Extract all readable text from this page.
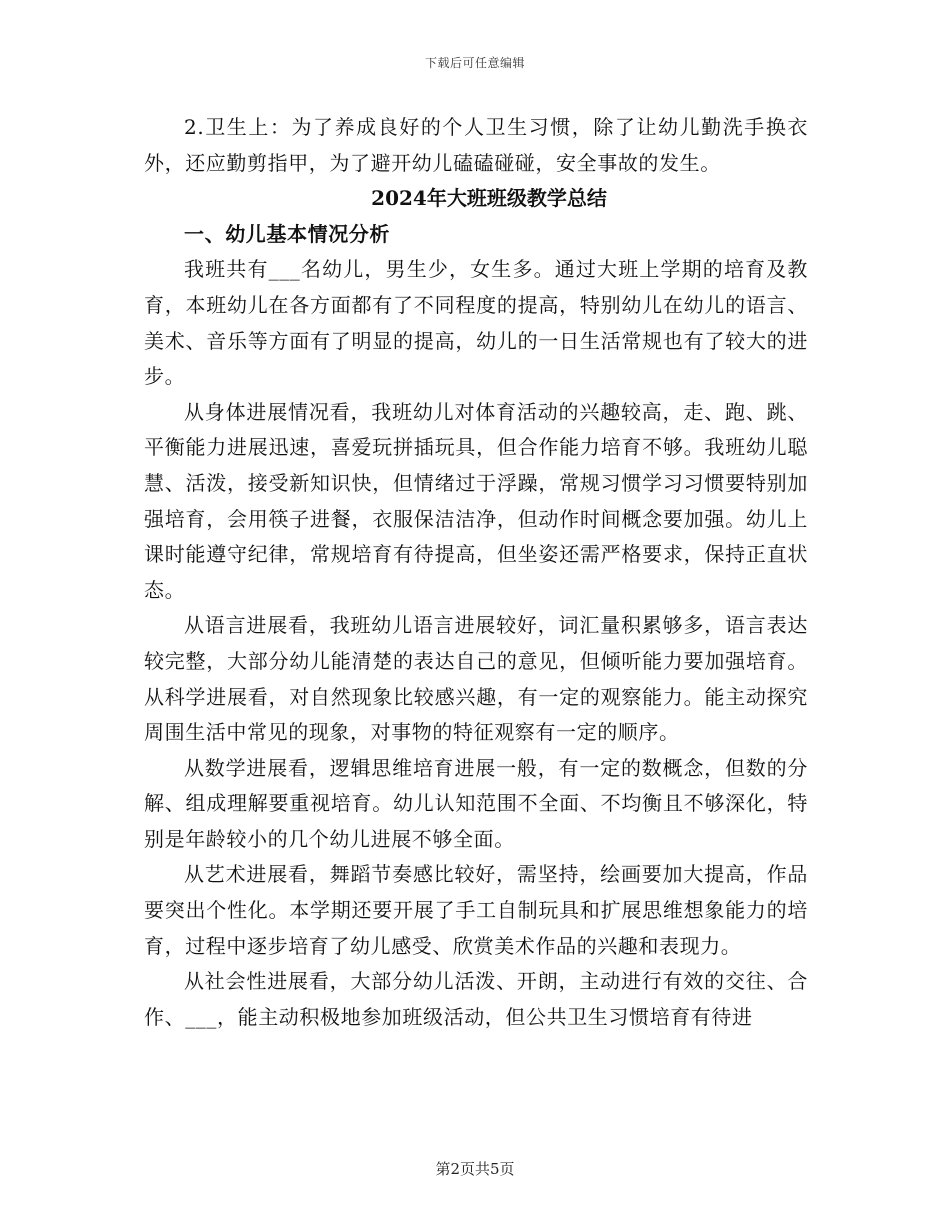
下载后可任意编辑

2.卫生上：为了养成良好的个人卫生习惯，除了让幼儿勤洗手换衣外，还应勤剪指甲，为了避开幼儿磕磕碰碰，安全事故的发生。

2024年大班班级教学总结

一、幼儿基本情况分析

我班共有___名幼儿，男生少，女生多。通过大班上学期的培育及教育，本班幼儿在各方面都有了不同程度的提高，特别幼儿在幼儿的语言、美术、音乐等方面有了明显的提高，幼儿的一日生活常规也有了较大的进步。

从身体进展情况看，我班幼儿对体育活动的兴趣较高，走、跑、跳、平衡能力进展迅速，喜爱玩拼插玩具，但合作能力培育不够。我班幼儿聪慧、活泼，接受新知识快，但情绪过于浮躁，常规习惯学习习惯要特别加强培育，会用筷子进餐，衣服保洁洁净，但动作时间概念要加强。幼儿上课时能遵守纪律，常规培育有待提高，但坐姿还需严格要求，保持正直状态。

从语言进展看，我班幼儿语言进展较好，词汇量积累够多，语言表达较完整，大部分幼儿能清楚的表达自己的意见，但倾听能力要加强培育。从科学进展看，对自然现象比较感兴趣，有一定的观察能力。能主动探究周围生活中常见的现象，对事物的特征观察有一定的顺序。

从数学进展看，逻辑思维培育进展一般，有一定的数概念，但数的分解、组成理解要重视培育。幼儿认知范围不全面、不均衡且不够深化，特别是年龄较小的几个幼儿进展不够全面。

从艺术进展看，舞蹈节奏感比较好，需坚持，绘画要加大提高，作品要突出个性化。本学期还要开展了手工自制玩具和扩展思维想象能力的培育，过程中逐步培育了幼儿感受、欣赏美术作品的兴趣和表现力。

从社会性进展看，大部分幼儿活泼、开朗，主动进行有效的交往、合作、___，能主动积极地参加班级活动，但公共卫生习惯培育有待进

第2页共5页
